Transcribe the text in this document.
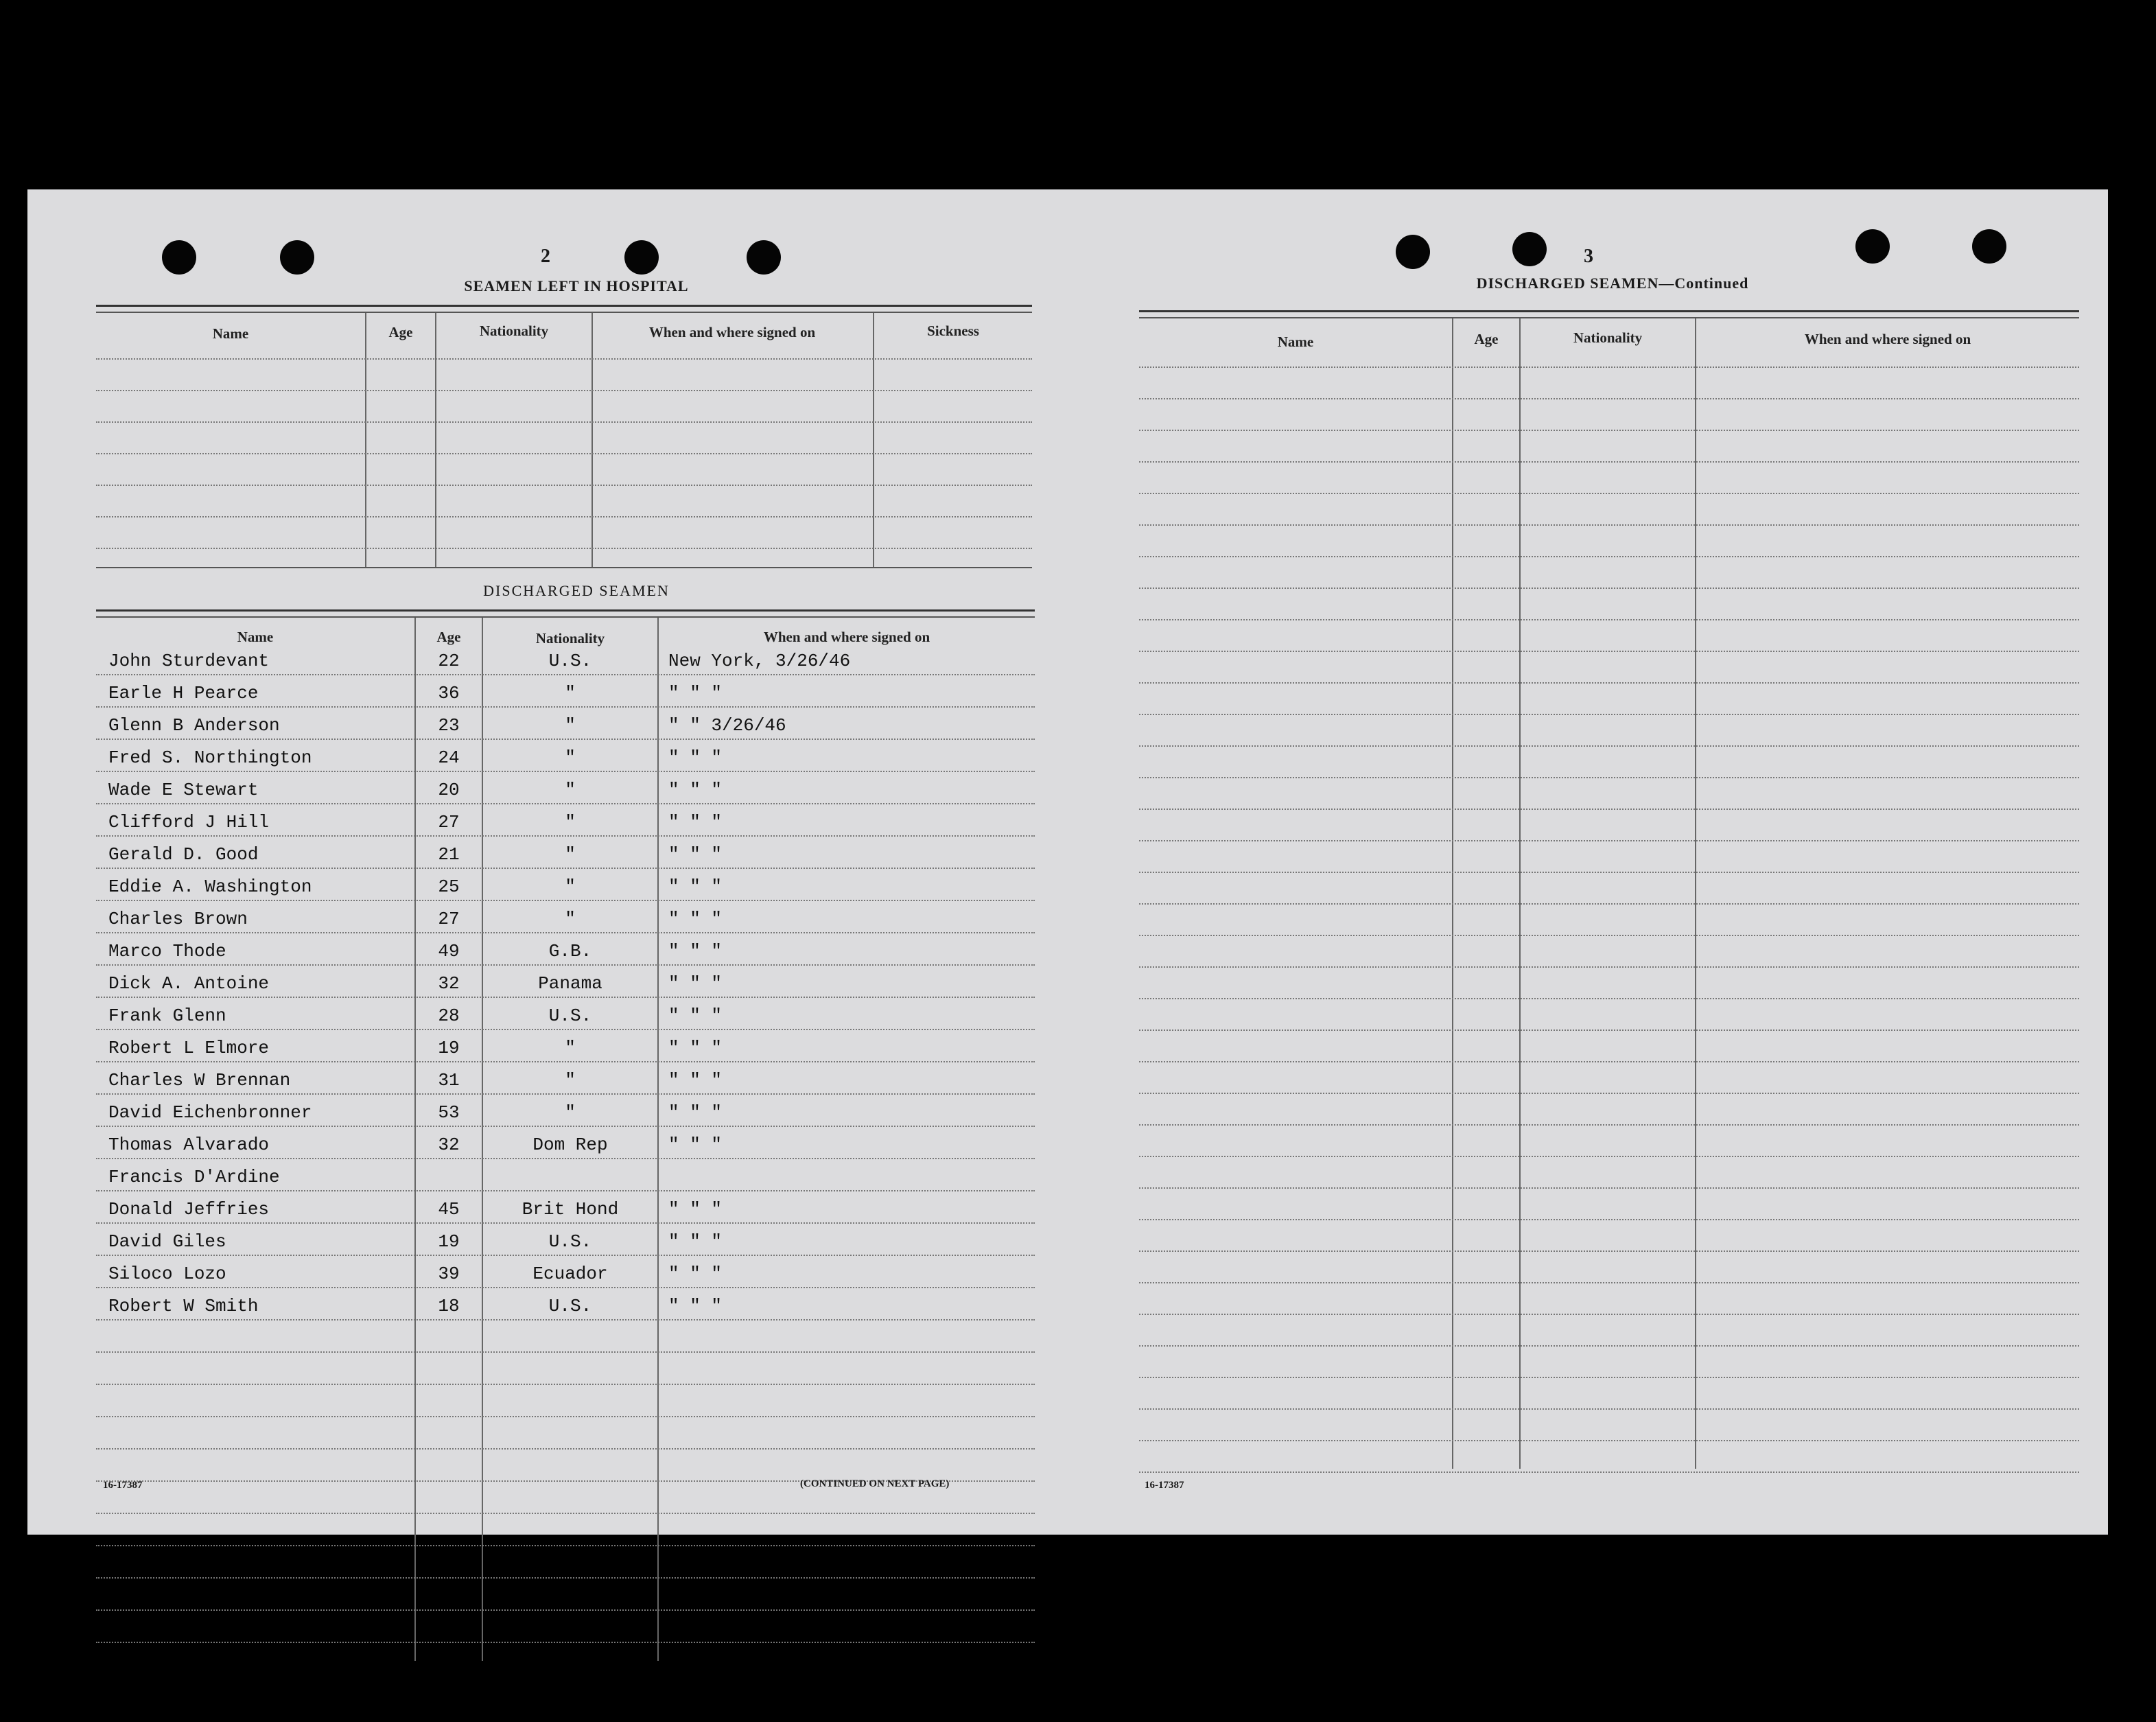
2
SEAMEN LEFT IN HOSPITAL
Name	Age	Nationality	When and where signed on	Sickness
DISCHARGED SEAMEN
Name	Age	Nationality	When and where signed on
John Sturdevant	22	U.S.	New York, 3/26/46
Earle H Pearce	36	"	" " "
Glenn B Anderson	23	"	" " 3/26/46
Fred S. Northington	24	"	" " "
Wade E Stewart	20	"	" " "
Clifford J Hill	27	"	" " "
Gerald D. Good	21	"	" " "
Eddie A. Washington	25	"	" " "
Charles Brown	27	"	" " "
Marco Thode	49	G.B.	" " "
Dick A. Antoine	32	Panama	" " "
Frank Glenn	28	U.S.	" " "
Robert L Elmore	19	"	" " "
Charles W Brennan	31	"	" " "
David Eichenbronner	53	"	" " "
Thomas Alvarado	32	Dom Rep	" " "
Francis D'Ardine
Donald Jeffries	45	Brit Hond	" " "
David Giles	19	U.S.	" " "
Siloco Lozo	39	Ecuador	" " "
Robert W Smith	18	U.S.	" " "
16-17387	(CONTINUED ON NEXT PAGE)
3
DISCHARGED SEAMEN—Continued
Name	Age	Nationality	When and where signed on
16-17387
